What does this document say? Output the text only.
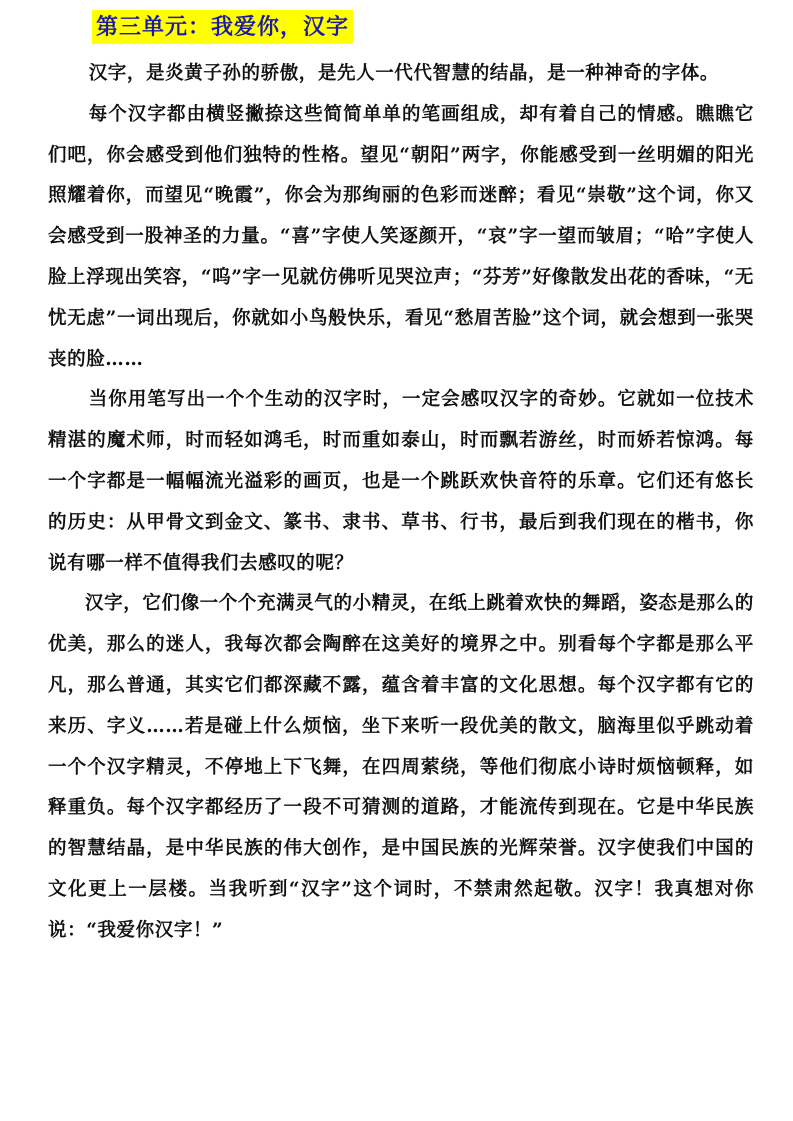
第三单元：我爱你，汉字

汉字，是炎黄子孙的骄傲，是先人一代代智慧的结晶，是一种神奇的字体。

每个汉字都由横竖撇捺这些简简单单的笔画组成，却有着自己的情感。瞧瞧它们吧，你会感受到他们独特的性格。望见“朝阳”两字，你能感受到一丝明媚的阳光照耀着你，而望见“晚霞”，你会为那绚丽的色彩而迷醉；看见“崇敬”这个词，你又会感受到一股神圣的力量。“喜”字使人笑逐颜开，“哀”字一望而皱眉；“哈”字使人脸上浮现出笑容，“呜”字一见就仿佛听见哭泣声；“芬芳”好像散发出花的香味，“无忧无虑”一词出现后，你就如小鸟般快乐，看见“愁眉苦脸”这个词，就会想到一张哭丧的脸……

当你用笔写出一个个生动的汉字时，一定会感叹汉字的奇妙。它就如一位技术精湛的魔术师，时而轻如鸿毛，时而重如泰山，时而飘若游丝，时而娇若惊鸿。每一个字都是一幅幅流光溢彩的画页，也是一个跳跃欢快音符的乐章。它们还有悠长的历史：从甲骨文到金文、篆书、隶书、草书、行书，最后到我们现在的楷书，你说有哪一样不值得我们去感叹的呢？

汉字，它们像一个个充满灵气的小精灵，在纸上跳着欢快的舞蹈，姿态是那么的优美，那么的迷人，我每次都会陶醉在这美好的境界之中。别看每个字都是那么平凡，那么普通，其实它们都深藏不露，蕴含着丰富的文化思想。每个汉字都有它的来历、字义……若是碰上什么烦恼，坐下来听一段优美的散文，脑海里似乎跳动着一个个汉字精灵，不停地上下飞舞，在四周萦绕，等他们彻底小诗时烦恼顿释，如释重负。每个汉字都经历了一段不可猜测的道路，才能流传到现在。它是中华民族的智慧结晶，是中华民族的伟大创作，是中国民族的光辉荣誉。汉字使我们中国的文化更上一层楼。当我听到“汉字”这个词时，不禁肃然起敬。汉字！我真想对你说：“我爱你汉字！”
